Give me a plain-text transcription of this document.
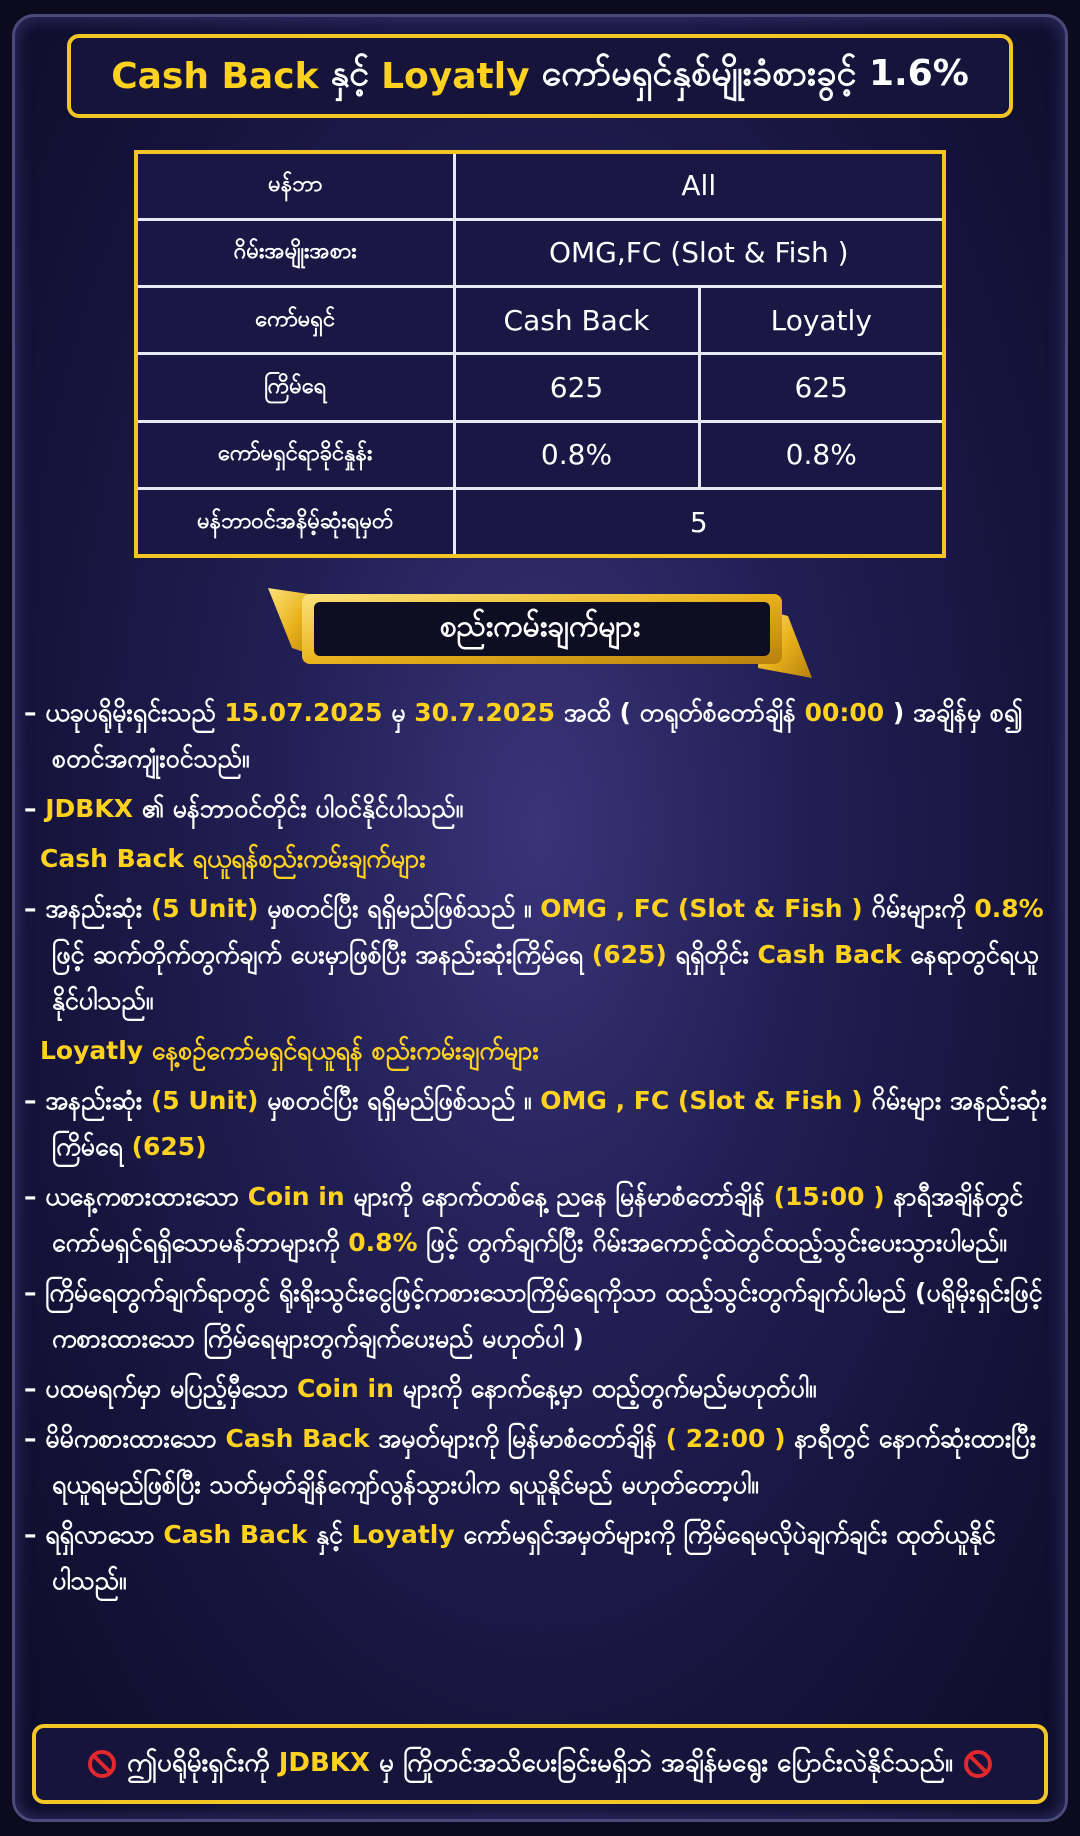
Cash Back နှင့် Loyatly ကော်မရှင်နှစ်မျိုးခံစားခွင့် 1.6%
မန်ဘာ	All	
ဂိမ်းအမျိုးအစား	OMG,FC (Slot & Fish )	
ကော်မရှင်	Cash Back	Loyatly
ကြိမ်ရေ	625	625
ကော်မရှင်ရာခိုင်နှုန်း	0.8%	0.8%
မန်ဘာဝင်အနိမ့်ဆုံးရမှတ်	5	
စည်းကမ်းချက်များ
– ယခုပရိုမိုးရှင်းသည် 15.07.2025 မှ 30.7.2025 အထိ ( တရုတ်စံတော်ချိန် 00:00 ) အချိန်မှ စ၍ စတင်အကျုံးဝင်သည်။
– JDBKX ၏ မန်ဘာဝင်တိုင်း ပါဝင်နိုင်ပါသည်။
Cash Back ရယူရန်စည်းကမ်းချက်များ
– အနည်းဆုံး (5 Unit) မှစတင်ပြီး ရရှိမည်ဖြစ်သည် ။ OMG , FC (Slot & Fish ) ဂိမ်းများကို 0.8% ဖြင့် ဆက်တိုက်တွက်ချက် ပေးမှာဖြစ်ပြီး အနည်းဆုံးကြိမ်ရေ (625) ရရှိတိုင်း Cash Back နေရာတွင်ရယူနိုင်ပါသည်။
Loyatly နေ့စဉ်ကော်မရှင်ရယူရန် စည်းကမ်းချက်များ
– အနည်းဆုံး (5 Unit) မှစတင်ပြီး ရရှိမည်ဖြစ်သည် ။ OMG , FC (Slot & Fish ) ဂိမ်းများ အနည်းဆုံး ကြိမ်ရေ (625)
– ယနေ့ကစားထားသော Coin in များကို နောက်တစ်နေ့ ညနေ မြန်မာစံတော်ချိန် (15:00 ) နာရီအချိန်တွင် ကော်မရှင်ရရှိသောမန်ဘာများကို 0.8% ဖြင့် တွက်ချက်ပြီး ဂိမ်းအကောင့်ထဲတွင်ထည့်သွင်းပေးသွားပါမည်။
– ကြိမ်ရေတွက်ချက်ရာတွင် ရိုးရိုးသွင်းငွေဖြင့်ကစားသောကြိမ်ရေကိုသာ ထည့်သွင်းတွက်ချက်ပါမည် (ပရိုမိုးရှင်းဖြင့်ကစားထားသော ကြိမ်ရေများတွက်ချက်ပေးမည် မဟုတ်ပါ )
– ပထမရက်မှာ မပြည့်မှီသော Coin in များကို နောက်နေ့မှာ ထည့်တွက်မည်မဟုတ်ပါ။
– မိမိကစားထားသော Cash Back အမှတ်များကို မြန်မာစံတော်ချိန် ( 22:00 ) နာရီတွင် နောက်ဆုံးထားပြီး ရယူရမည်ဖြစ်ပြီး သတ်မှတ်ချိန်ကျော်လွန်သွားပါက ရယူနိုင်မည် မဟုတ်တော့ပါ။
– ရရှိလာသော Cash Back နှင့် Loyatly ကော်မရှင်အမှတ်များကို ကြိမ်ရေမလိုပဲချက်ချင်း ထုတ်ယူနိုင်ပါသည်။
ဤပရိုမိုးရှင်းကို JDBKX မှ ကြိုတင်အသိပေးခြင်းမရှိဘဲ အချိန်မရွေး ပြောင်းလဲနိုင်သည်။
